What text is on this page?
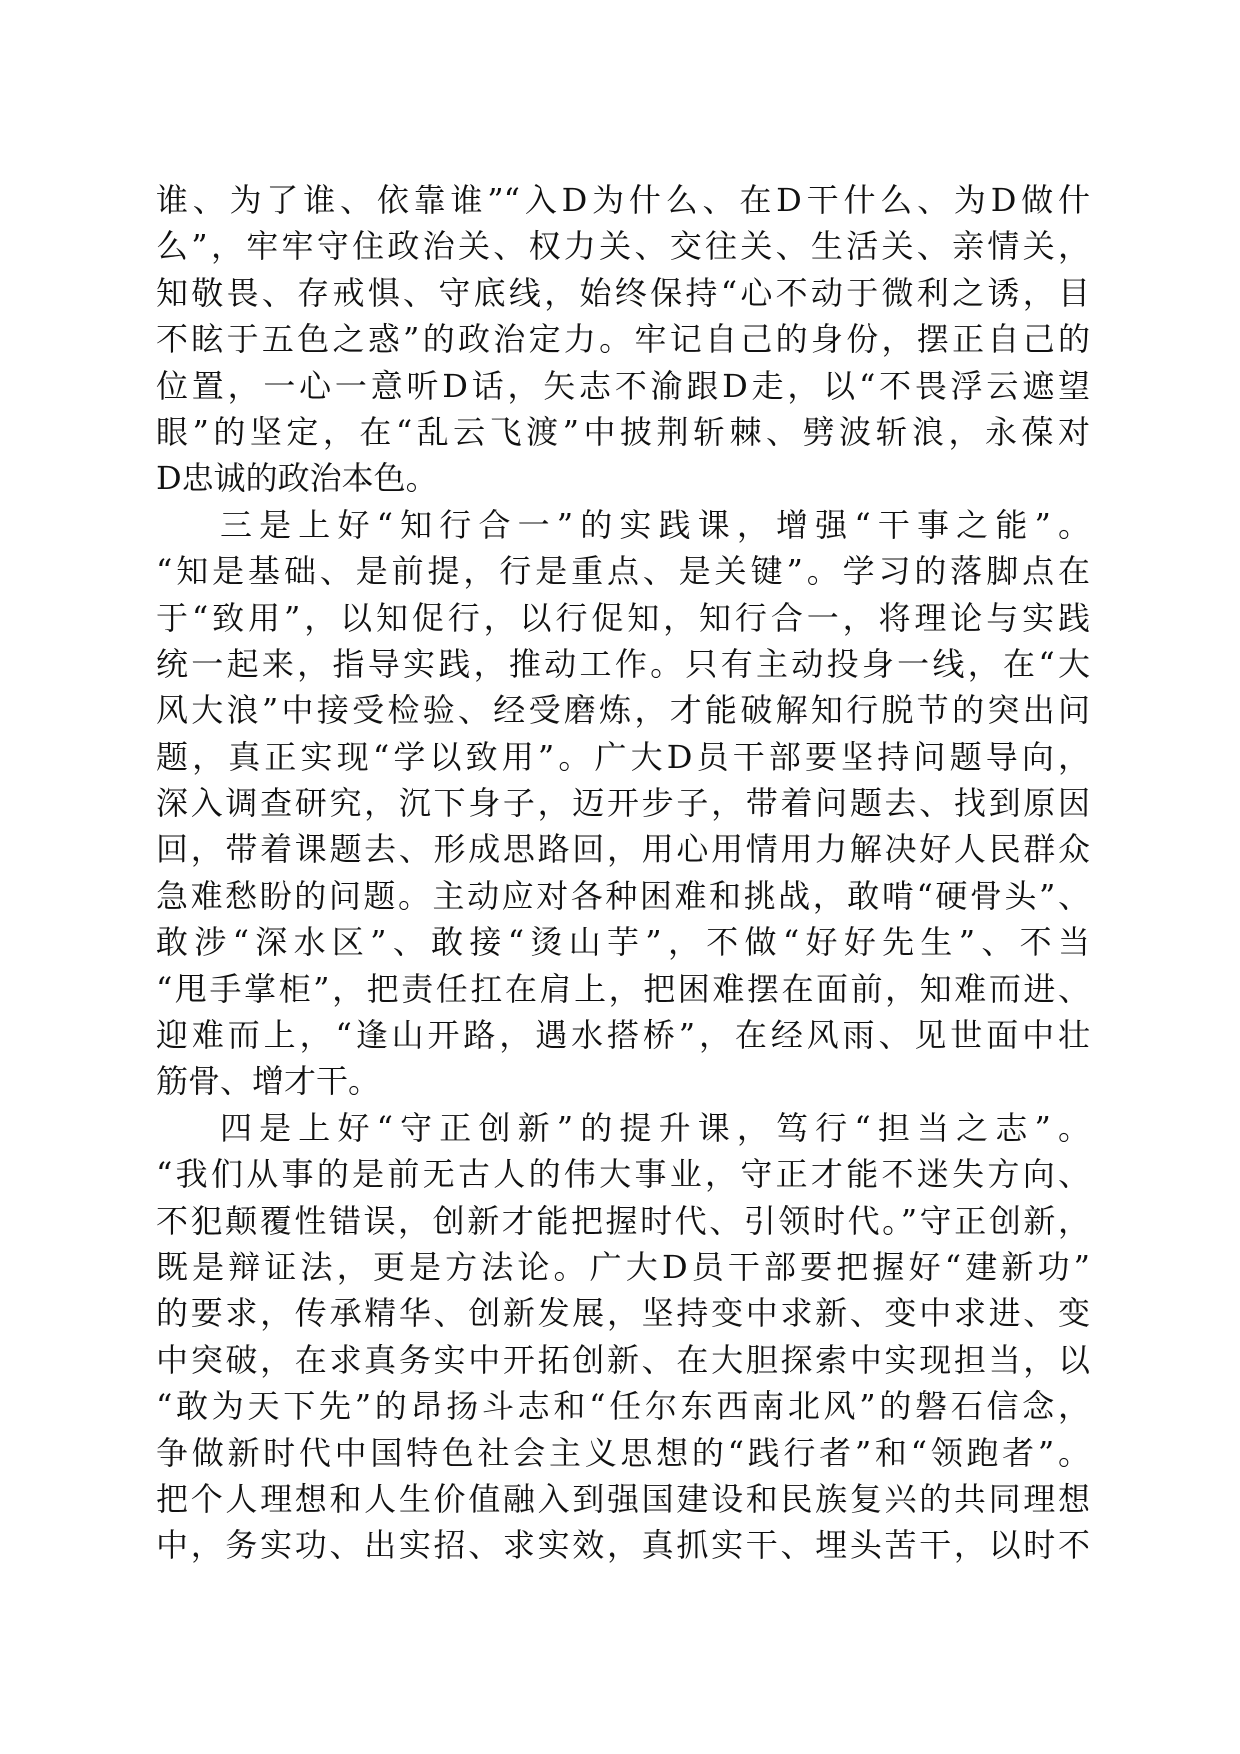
谁、为了谁、依靠谁”“入D为什么、在D干什么、为D做什
么”，牢牢守住政治关、权力关、交往关、生活关、亲情关，
知敬畏、存戒惧、守底线，始终保持“心不动于微利之诱，目
不眩于五色之惑”的政治定力。牢记自己的身份，摆正自己的
位置，一心一意听D话，矢志不渝跟D走，以“不畏浮云遮望
眼”的坚定，在“乱云飞渡”中披荆斩棘、劈波斩浪，永葆对
D忠诚的政治本色。
三是上好“知行合一”的实践课，增强“干事之能”。
“知是基础、是前提，行是重点、是关键”。学习的落脚点在
于“致用”，以知促行，以行促知，知行合一，将理论与实践
统一起来，指导实践，推动工作。只有主动投身一线，在“大
风大浪”中接受检验、经受磨炼，才能破解知行脱节的突出问
题，真正实现“学以致用”。广大D员干部要坚持问题导向，
深入调查研究，沉下身子，迈开步子，带着问题去、找到原因
回，带着课题去、形成思路回，用心用情用力解决好人民群众
急难愁盼的问题。主动应对各种困难和挑战，敢啃“硬骨头”、
敢涉“深水区”、敢接“烫山芋”，不做“好好先生”、不当
“甩手掌柜”，把责任扛在肩上，把困难摆在面前，知难而进、
迎难而上，“逢山开路，遇水搭桥”，在经风雨、见世面中壮
筋骨、增才干。
四是上好“守正创新”的提升课，笃行“担当之志”。
“我们从事的是前无古人的伟大事业，守正才能不迷失方向、
不犯颠覆性错误，创新才能把握时代、引领时代。”守正创新，
既是辩证法，更是方法论。广大D员干部要把握好“建新功”
的要求，传承精华、创新发展，坚持变中求新、变中求进、变
中突破，在求真务实中开拓创新、在大胆探索中实现担当，以
“敢为天下先”的昂扬斗志和“任尔东西南北风”的磐石信念，
争做新时代中国特色社会主义思想的“践行者”和“领跑者”。
把个人理想和人生价值融入到强国建设和民族复兴的共同理想
中，务实功、出实招、求实效，真抓实干、埋头苦干，以时不
